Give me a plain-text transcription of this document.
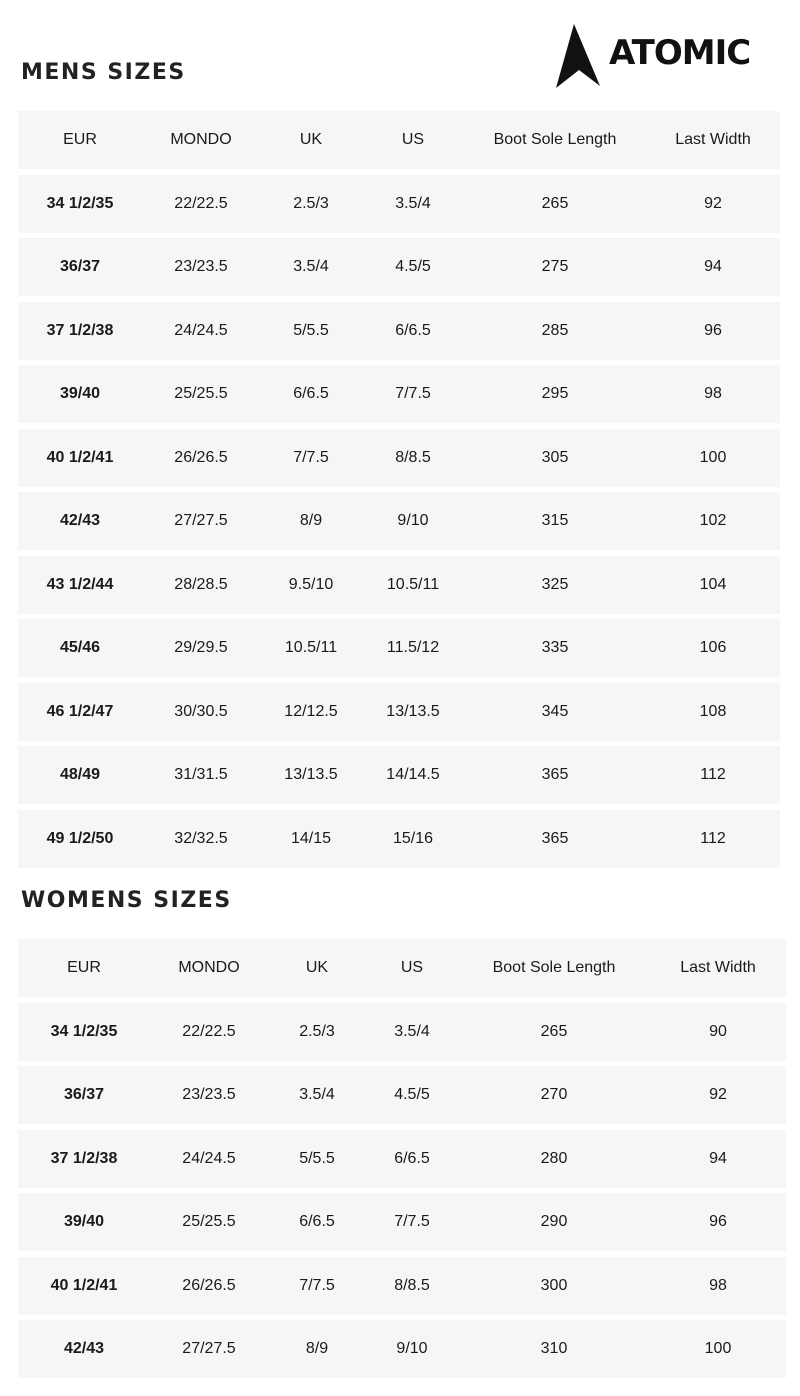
MENS SIZES	ATOMIC
EUR	MONDO	UK	US	Boot Sole Length	Last Width
34 1/2/35	22/22.5	2.5/3	3.5/4	265	92
36/37	23/23.5	3.5/4	4.5/5	275	94
37 1/2/38	24/24.5	5/5.5	6/6.5	285	96
39/40	25/25.5	6/6.5	7/7.5	295	98
40 1/2/41	26/26.5	7/7.5	8/8.5	305	100
42/43	27/27.5	8/9	9/10	315	102
43 1/2/44	28/28.5	9.5/10	10.5/11	325	104
45/46	29/29.5	10.5/11	11.5/12	335	106
46 1/2/47	30/30.5	12/12.5	13/13.5	345	108
48/49	31/31.5	13/13.5	14/14.5	365	112
49 1/2/50	32/32.5	14/15	15/16	365	112
WOMENS SIZES
EUR	MONDO	UK	US	Boot Sole Length	Last Width
34 1/2/35	22/22.5	2.5/3	3.5/4	265	90
36/37	23/23.5	3.5/4	4.5/5	270	92
37 1/2/38	24/24.5	5/5.5	6/6.5	280	94
39/40	25/25.5	6/6.5	7/7.5	290	96
40 1/2/41	26/26.5	7/7.5	8/8.5	300	98
42/43	27/27.5	8/9	9/10	310	100
